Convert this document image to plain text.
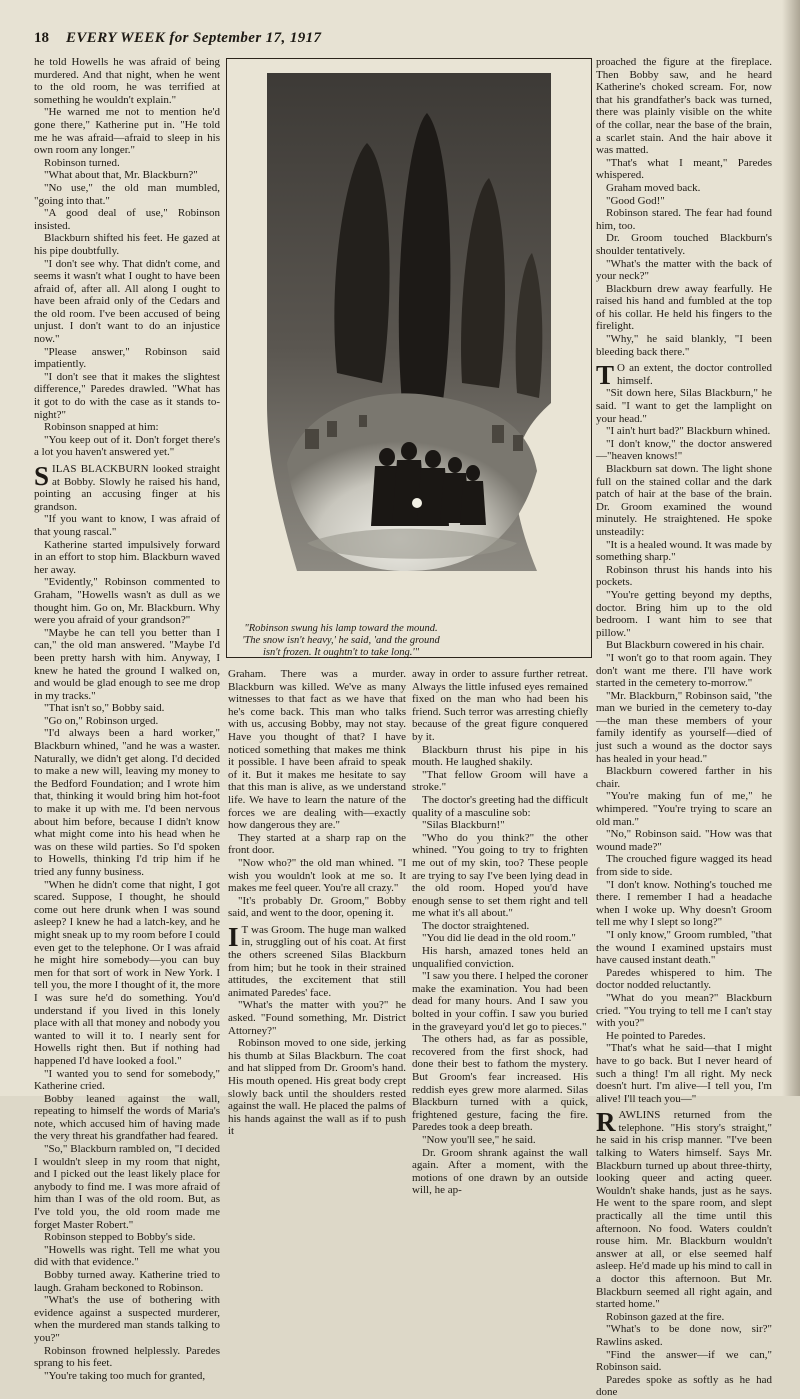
18 EVERY WEEK for September 17, 1917

he told Howells he was afraid of being murdered. And that night, when he went to the old room, he was terrified at something he wouldn't explain."

"He warned me not to mention he'd gone there," Katherine put in. "He told me he was afraid—afraid to sleep in his own room any longer."

Robinson turned.

"What about that, Mr. Blackburn?"

"No use," the old man mumbled, "going into that."

"A good deal of use," Robinson insisted.

Blackburn shifted his feet. He gazed at his pipe doubtfully.

"I don't see why. That didn't come, and seems it wasn't what I ought to have been afraid of, after all. All along I ought to have been afraid only of the Cedars and the old room. I've been accused of being unjust. I don't want to do an injustice now."

"Please answer," Robinson said impatiently.

"I don't see that it makes the slightest difference," Paredes drawled. "What has it got to do with the case as it stands to-night?"

Robinson snapped at him:

"You keep out of it. Don't forget there's a lot you haven't answered yet."

SILAS BLACKBURN looked straight at Bobby. Slowly he raised his hand, pointing an accusing finger at his grandson.

"If you want to know, I was afraid of that young rascal."

Katherine started impulsively forward in an effort to stop him. Blackburn waved her away.

"Evidently," Robinson commented to Graham, "Howells wasn't as dull as we thought him. Go on, Mr. Blackburn. Why were you afraid of your grandson?"

"Maybe he can tell you better than I can," the old man answered. "Maybe I'd been pretty harsh with him. Anyway, I knew he hated the ground I walked on, and would be glad enough to see me drop in my tracks."

"That isn't so," Bobby said.

"Go on," Robinson urged.

"I'd always been a hard worker," Blackburn whined, "and he was a waster. Naturally, we didn't get along. I'd decided to make a new will, leaving my money to the Bedford Foundation; and I wrote him that, thinking it would bring him hot-foot to make it up with me. I'd been nervous about him before, because I didn't know what might come into his head when he was on these wild parties. So I'd spoken to Howells, thinking I'd trip him if he tried any funny business.

"When he didn't come that night, I got scared. Suppose, I thought, he should come out here drunk when I was sound asleep? I knew he had a latch-key, and he might sneak up to my room before I could even get to the telephone. Or I was afraid he might hire somebody—you can buy men for that sort of work in New York. I tell you, the more I thought of it, the more I was sure he'd do something. You'd understand if you lived in this lonely place with all that money and nobody you wanted to will it to. I nearly sent for Howells right then. But if nothing had happened I'd have looked a fool."

"I wanted you to send for somebody," Katherine cried.

Bobby leaned against the wall, repeating to himself the words of Maria's note, which accused him of having made the very threat his grandfather had feared.

"So," Blackburn rambled on, "I decided I wouldn't sleep in my room that night, and I picked out the least likely place for anybody to find me. I was more afraid of him than I was of the old room. But, as I've told you, the old room made me forget Master Robert."

Robinson stepped to Bobby's side.

"Howells was right. Tell me what you did with that evidence."

Bobby turned away. Katherine tried to laugh. Graham beckoned to Robinson.

"What's the use of bothering with evidence against a suspected murderer, when the murdered man stands talking to you?"

Robinson frowned helplessly. Paredes sprang to his feet.

"You're taking too much for granted,

proached the figure at the fireplace. Then Bobby saw, and he heard Katherine's choked scream. For, now that his grandfather's back was turned, there was plainly visible on the white of the collar, near the base of the brain, a scarlet stain. And the hair above it was matted.

"That's what I meant," Paredes whispered.

Graham moved back.

"Good God!"

Robinson stared. The fear had found him, too.

Dr. Groom touched Blackburn's shoulder tentatively.

"What's the matter with the back of your neck?"

Blackburn drew away fearfully. He raised his hand and fumbled at the top of his collar. He held his fingers to the firelight.

"Why," he said blankly, "I been bleeding back there."

T O an extent, the doctor controlled himself.

"Sit down here, Silas Blackburn," he said. "I want to get the lamplight on your head."

"I ain't hurt bad?" Blackburn whined.

"I don't know," the doctor answered—"heaven knows!"

Blackburn sat down. The light shone full on the stained collar and the dark patch of hair at the base of the brain. Dr. Groom examined the wound minutely. He straightened. He spoke unsteadily:

"It is a healed wound. It was made by something sharp."

Robinson thrust his hands into his pockets.

"You're getting beyond my depths, doctor. Bring him up to the old bedroom. I want him to see that pillow."

But Blackburn cowered in his chair.

"I won't go to that room again. They don't want me there. I'll have work started in the cemetery to-morrow."

"Mr. Blackburn," Robinson said, "the man we buried in the cemetery to-day—the man these members of your family identify as yourself—died of just such a wound as the doctor says has healed in your head."

Blackburn cowered farther in his chair.

"You're making fun of me," he whimpered. "You're trying to scare an old man."

"No," Robinson said. "How was that wound made?"

The crouched figure wagged its head from side to side.

"I don't know. Nothing's touched me there. I remember I had a headache when I woke up. Why doesn't Groom tell me why I slept so long?"

"I only know," Groom rumbled, "that the wound I examined upstairs must have caused instant death."

Paredes whispered to him. The doctor nodded reluctantly.

"What do you mean?" Blackburn cried. "You trying to tell me I can't stay with you?"

He pointed to Paredes.

"That's what he said—that I might have to go back. But I never heard of such a thing! I'm all right. My neck doesn't hurt. I'm alive—I tell you, I'm alive! I'll teach you—"

RAWLINS returned from the telephone. "His story's straight," he said in his crisp manner. "I've been talking to Waters himself. Says Mr. Blackburn turned up about three-thirty, looking queer and acting queer. Wouldn't shake hands, just as he says. He went to the spare room, and slept practically all the time until this afternoon. No food. Waters couldn't rouse him. Mr. Blackburn wouldn't answer at all, or else seemed half asleep. He'd made up his mind to call in a doctor this afternoon. But Mr. Blackburn seemed all right again, and started home."

Robinson gazed at the fire.

"What's to be done now, sir?" Rawlins asked.

"Find the answer—if we can," Robinson said.

Paredes spoke as softly as he had done

"Robinson swung his lamp toward the mound. 'The snow isn't heavy,' he said, 'and the ground isn't frozen. It oughtn't to take long.'"

Graham. There was a murder. Blackburn was killed. We've as many witnesses to that fact as we have that he's come back. This man who talks with us, accusing Bobby, may not stay. Have you thought of that? I have noticed something that makes me think it possible. I have been afraid to speak of it. But it makes me hesitate to say that this man is alive, as we understand life. We have to learn the nature of the forces we are dealing with—exactly how dangerous they are."

They started at a sharp rap on the front door.

"Now who?" the old man whined. "I wish you wouldn't look at me so. It makes me feel queer. You're all crazy."

"It's probably Dr. Groom," Bobby said, and went to the door, opening it.

I T was Groom. The huge man walked in, struggling out of his coat. At first the others screened Silas Blackburn from him; but he took in their strained attitudes, the excitement that still animated Paredes' face.

"What's the matter with you?" he asked. "Found something, Mr. District Attorney?"

Robinson moved to one side, jerking his thumb at Silas Blackburn. The coat and hat slipped from Dr. Groom's hand. His mouth opened. His great body crept slowly back until the shoulders rested against the wall. He placed the palms of his hands against the wall as if to push it

away in order to assure further retreat. Always the little infused eyes remained fixed on the man who had been his friend. Such terror was arresting chiefly because of the great figure conquered by it.

Blackburn thrust his pipe in his mouth. He laughed shakily.

"That fellow Groom will have a stroke."

The doctor's greeting had the difficult quality of a masculine sob:

"Silas Blackburn!"

"Who do you think?" the other whined. "You going to try to frighten me out of my skin, too? These people are trying to say I've been lying dead in the old room. Hoped you'd have enough sense to set them right and tell me what it's all about."

The doctor straightened.

"You did lie dead in the old room."

His harsh, amazed tones held an unqualified conviction.

"I saw you there. I helped the coroner make the examination. You had been dead for many hours. And I saw you bolted in your coffin. I saw you buried in the graveyard you'd let go to pieces."

The others had, as far as possible, recovered from the first shock, had done their best to fathom the mystery. But Groom's fear increased. His reddish eyes grew more alarmed. Silas Blackburn turned with a quick, frightened gesture, facing the fire. Paredes took a deep breath.

"Now you'll see," he said.

Dr. Groom shrank against the wall again. After a moment, with the motions of one drawn by an outside will, he ap-
